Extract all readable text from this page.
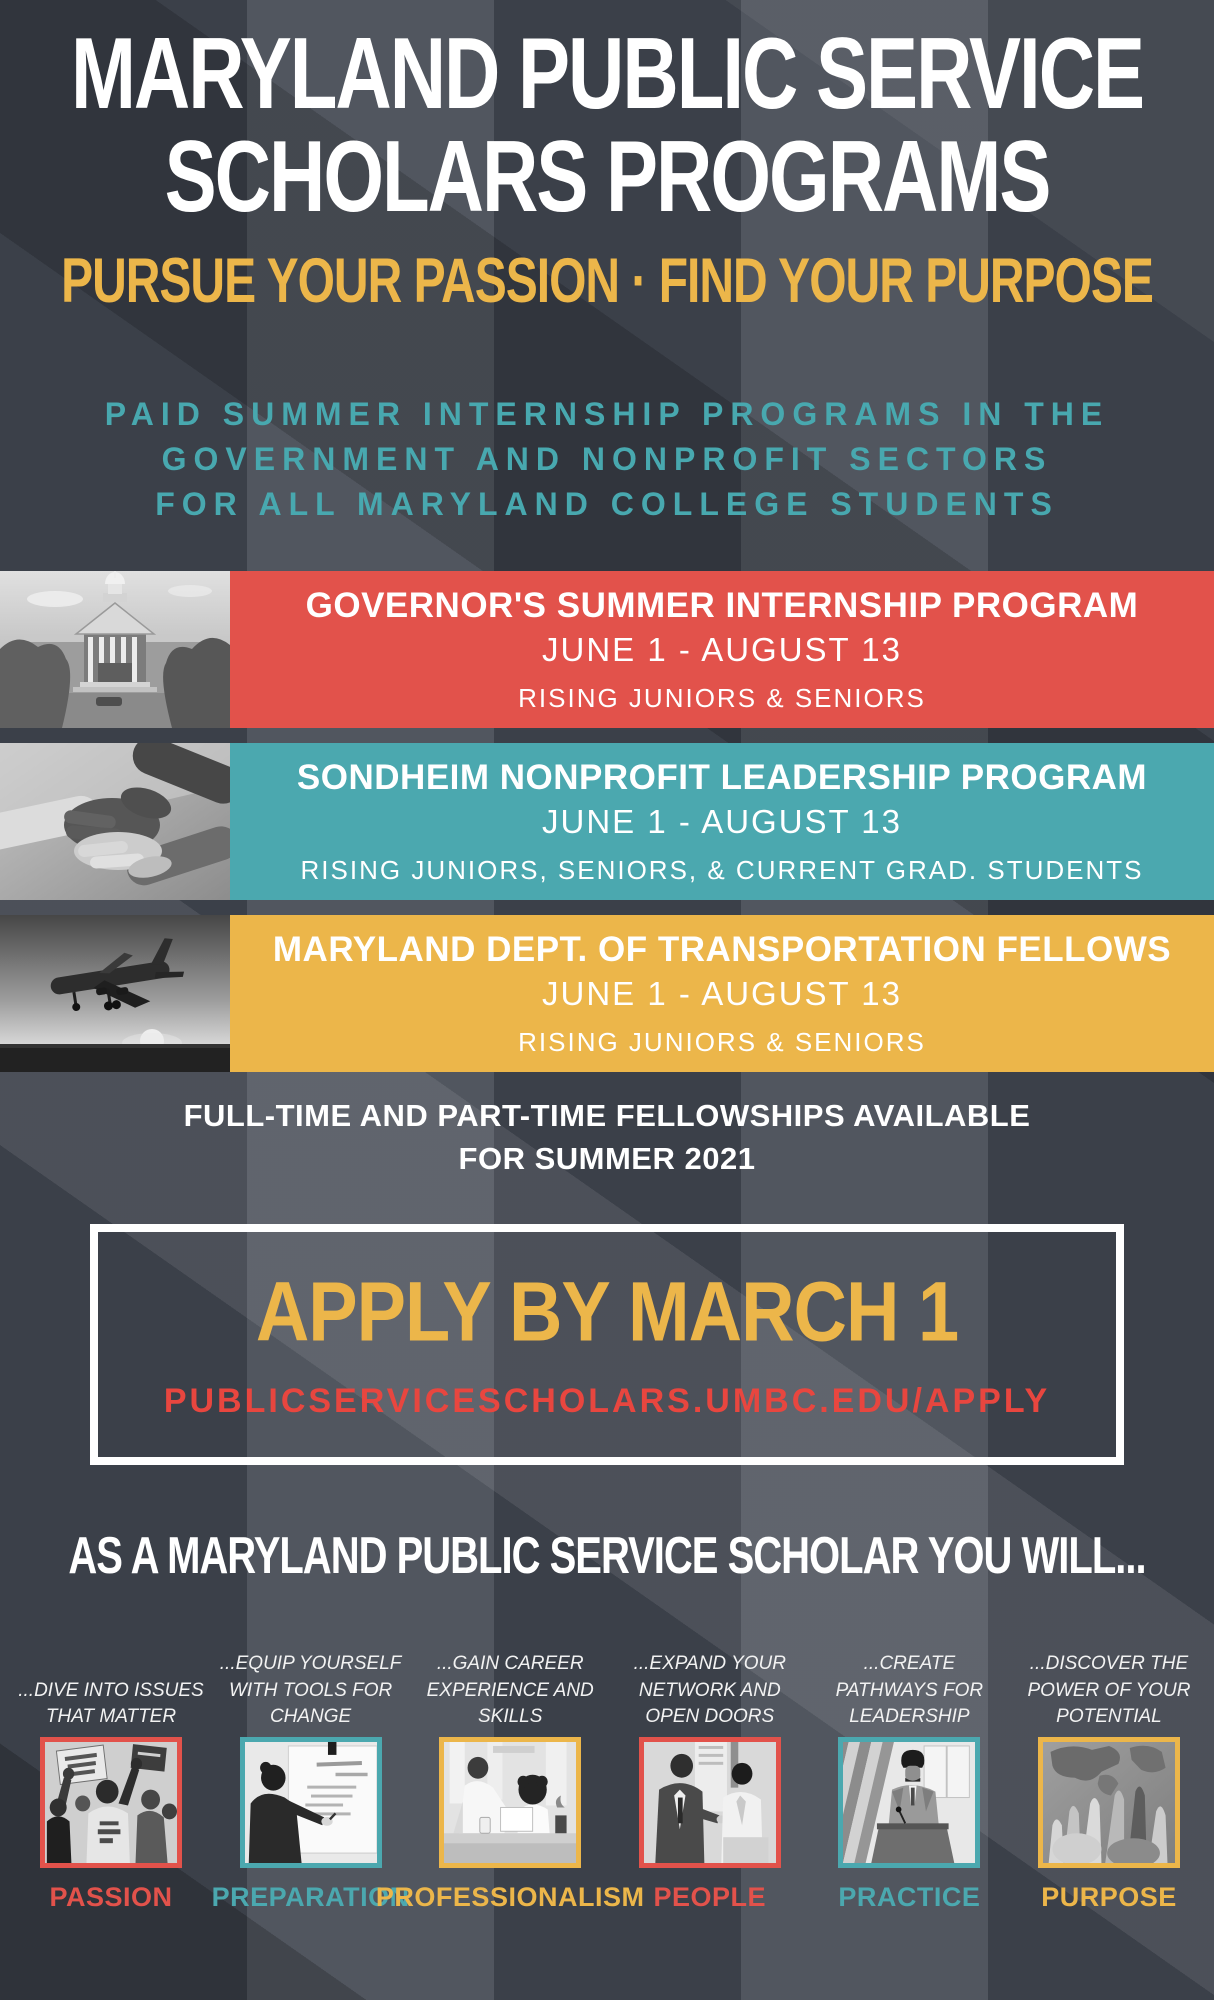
MARYLAND PUBLIC SERVICE
SCHOLARS PROGRAMS
PURSUE YOUR PASSION · FIND YOUR PURPOSE
PAID SUMMER INTERNSHIP PROGRAMS IN THE
GOVERNMENT AND NONPROFIT SECTORS
FOR ALL MARYLAND COLLEGE STUDENTS
GOVERNOR'S SUMMER INTERNSHIP PROGRAM
JUNE 1 - AUGUST 13
RISING JUNIORS & SENIORS
SONDHEIM NONPROFIT LEADERSHIP PROGRAM
JUNE 1 - AUGUST 13
RISING JUNIORS, SENIORS, & CURRENT GRAD. STUDENTS
MARYLAND DEPT. OF TRANSPORTATION FELLOWS
JUNE 1 - AUGUST 13
RISING JUNIORS & SENIORS
FULL-TIME AND PART-TIME FELLOWSHIPS AVAILABLE
FOR SUMMER 2021
APPLY BY MARCH 1
PUBLICSERVICESCHOLARS.UMBC.EDU/APPLY
AS A MARYLAND PUBLIC SERVICE SCHOLAR YOU WILL...
...DIVE INTO ISSUES THAT MATTER
PASSION
...EQUIP YOURSELF WITH TOOLS FOR CHANGE
PREPARATION
...GAIN CAREER EXPERIENCE AND SKILLS
PROFESSIONALISM
...EXPAND YOUR NETWORK AND OPEN DOORS
PEOPLE
...CREATE PATHWAYS FOR LEADERSHIP
PRACTICE
...DISCOVER THE POWER OF YOUR POTENTIAL
PURPOSE
